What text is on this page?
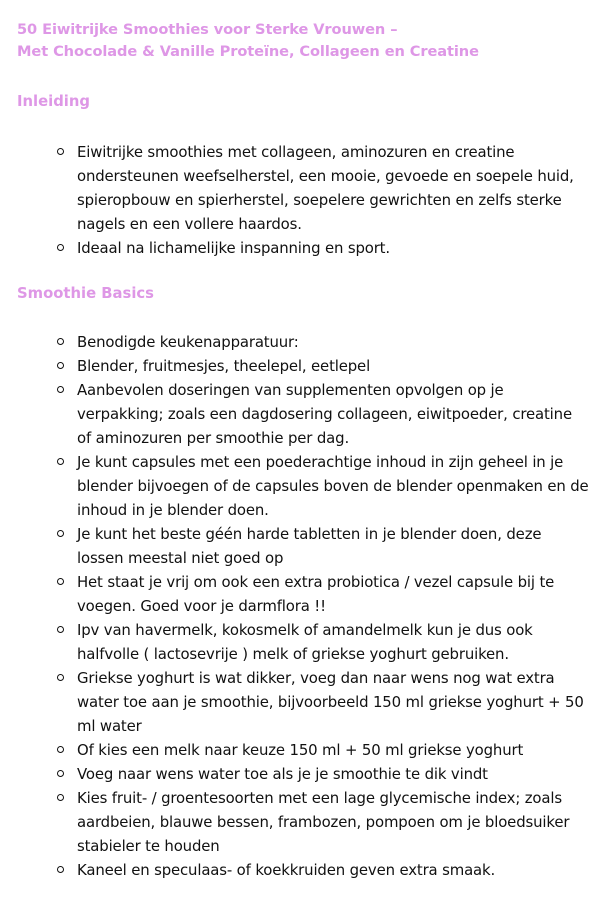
50 Eiwitrijke Smoothies voor Sterke Vrouwen –
Met Chocolade & Vanille Proteïne, Collageen en Creatine
Inleiding
Eiwitrijke smoothies met collageen, aminozuren en creatine ondersteunen weefselherstel, een mooie, gevoede en soepele huid, spieropbouw en spierherstel, soepelere gewrichten en zelfs sterke nagels en een vollere haardos.
Ideaal na lichamelijke inspanning en sport.
Smoothie Basics
Benodigde keukenapparatuur:
Blender, fruitmesjes, theelepel, eetlepel
Aanbevolen doseringen van supplementen opvolgen op je verpakking; zoals een dagdosering collageen, eiwitpoeder, creatine of aminozuren per smoothie per dag.
Je kunt capsules met een poederachtige inhoud in zijn geheel in je blender bijvoegen of de capsules boven de blender openmaken en de inhoud in je blender doen.
Je kunt het beste géén harde tabletten in je blender doen, deze lossen meestal niet goed op
Het staat je vrij om ook een extra probiotica / vezel capsule bij te voegen. Goed voor je darmflora !!
Ipv van havermelk, kokosmelk of amandelmelk kun je dus ook halfvolle ( lactosevrije ) melk of griekse yoghurt gebruiken.
Griekse yoghurt is wat dikker, voeg dan naar wens nog wat extra water toe aan je smoothie, bijvoorbeeld 150 ml griekse yoghurt + 50 ml water
Of kies een melk naar keuze 150 ml + 50 ml griekse yoghurt
Voeg naar wens water toe als je je smoothie te dik vindt
Kies fruit- / groentesoorten met een lage glycemische index; zoals aardbeien, blauwe bessen, frambozen, pompoen om je bloedsuiker stabieler te houden
Kaneel en speculaas- of koekkruiden geven extra smaak.
